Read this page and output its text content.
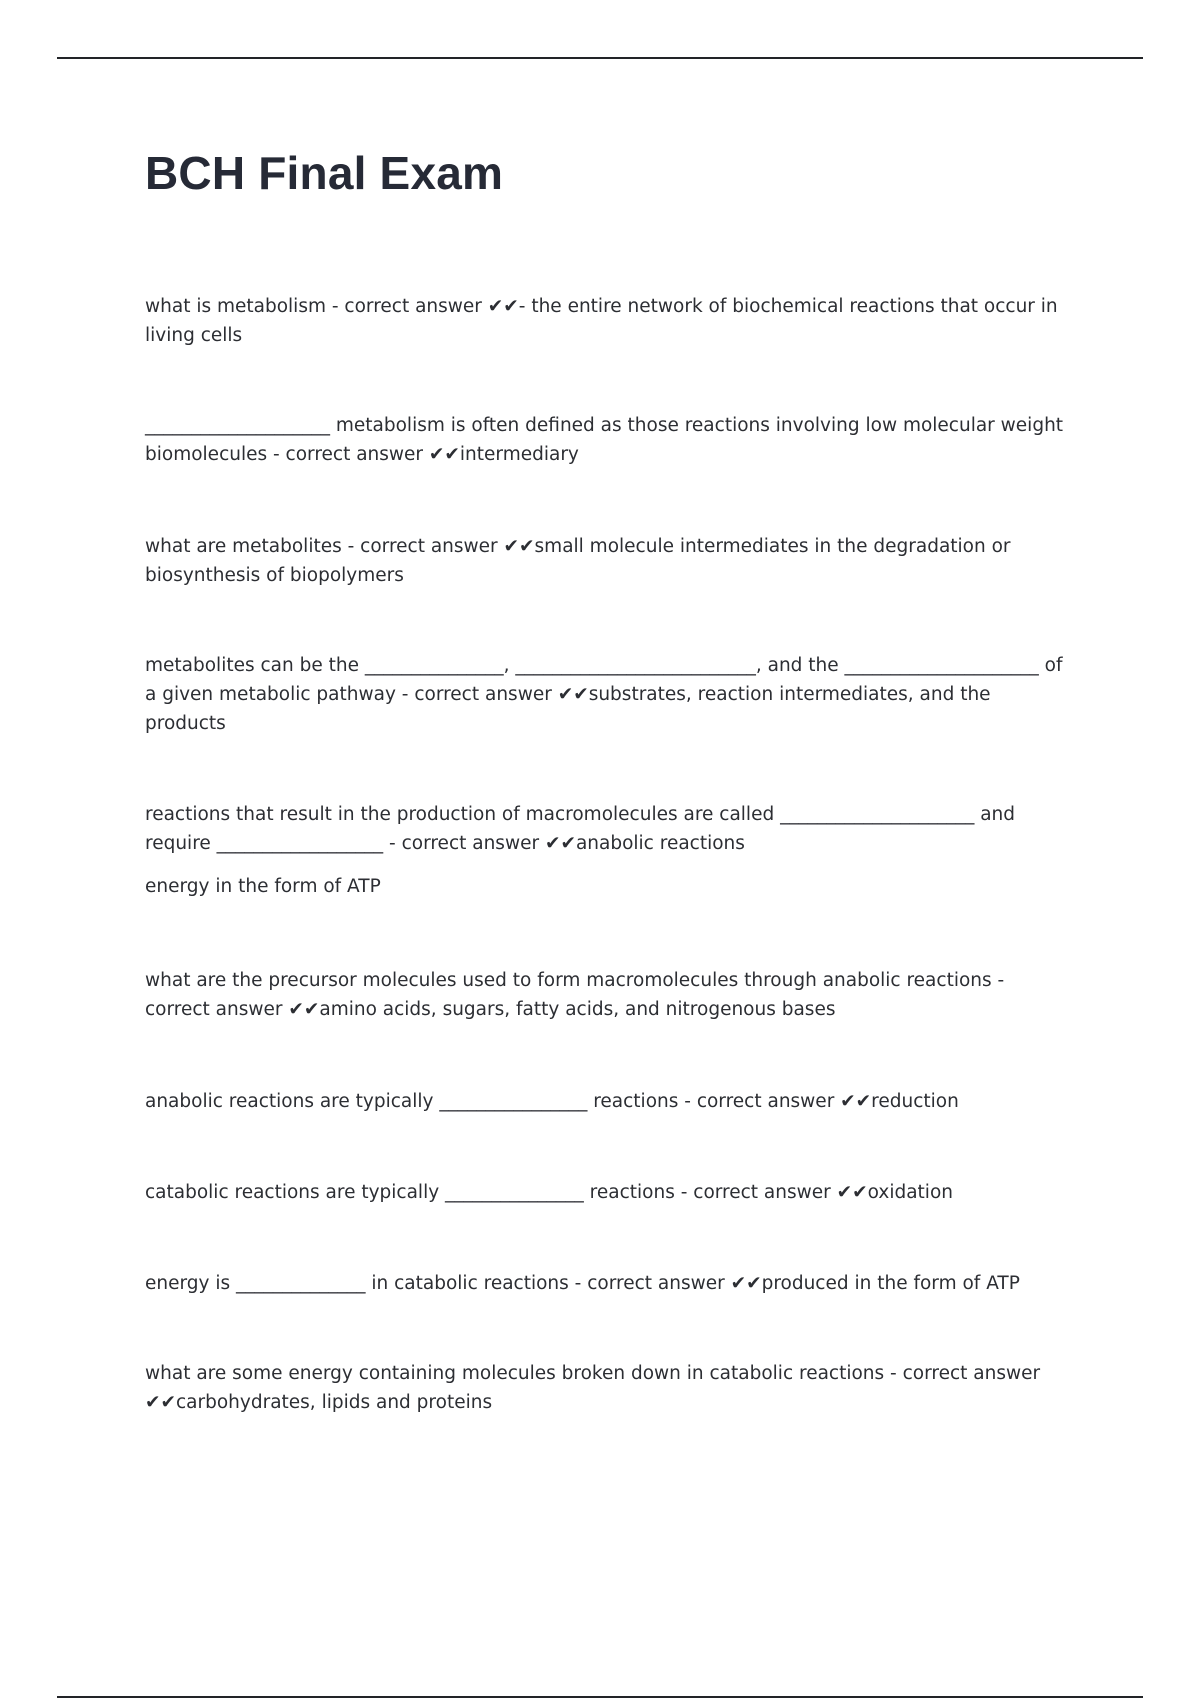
BCH Final Exam

what is metabolism - correct answer ✔✔- the entire network of biochemical reactions that occur in living cells

____________________ metabolism is often defined as those reactions involving low molecular weight biomolecules - correct answer ✔✔intermediary

what are metabolites - correct answer ✔✔small molecule intermediates in the degradation or biosynthesis of biopolymers

metabolites can be the _______________, __________________________, and the _____________________ of a given metabolic pathway - correct answer ✔✔substrates, reaction intermediates, and the products

reactions that result in the production of macromolecules are called _____________________ and require __________________ - correct answer ✔✔anabolic reactions
energy in the form of ATP

what are the precursor molecules used to form macromolecules through anabolic reactions - correct answer ✔✔amino acids, sugars, fatty acids, and nitrogenous bases

anabolic reactions are typically ________________ reactions - correct answer ✔✔reduction

catabolic reactions are typically _______________ reactions - correct answer ✔✔oxidation

energy is ______________ in catabolic reactions - correct answer ✔✔produced in the form of ATP

what are some energy containing molecules broken down in catabolic reactions - correct answer ✔✔carbohydrates, lipids and proteins
